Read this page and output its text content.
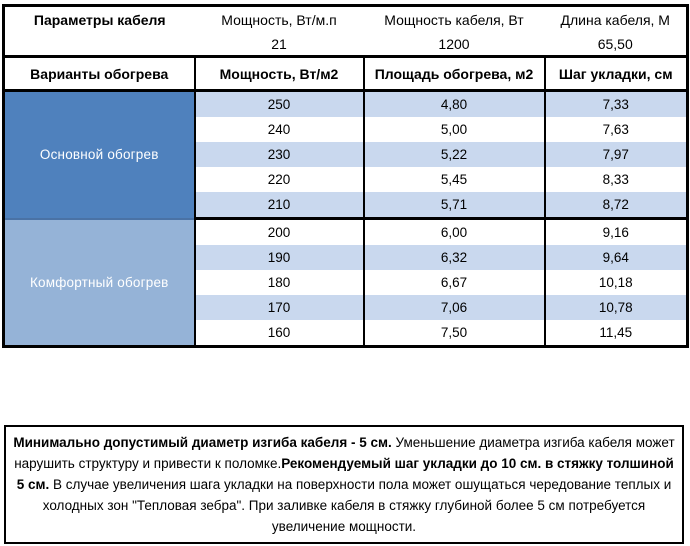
Параметры кабеля	Мощность, Вт/м.п	Мощность кабеля, Вт	Длина кабеля, М
	21	1200	65,50
Варианты обогрева	Мощность, Вт/м2	Площадь обогрева, м2	Шаг укладки, см
Основной обогрев	250	4,80	7,33
	240	5,00	7,63
	230	5,22	7,97
	220	5,45	8,33
	210	5,71	8,72
Комфортный обогрев	200	6,00	9,16
	190	6,32	9,64
	180	6,67	10,18
	170	7,06	10,78
	160	7,50	11,45
Минимально допустимый диаметр изгиба кабеля - 5 см. Уменьшение диаметра изгиба кабеля может нарушить структуру и привести к поломке.Рекомендуемый шаг укладки до 10 см. в стяжку толшиной 5 см. В случае увеличения шага укладки на поверхности пола может ошущаться чередование теплых и холодных зон "Тепловая зебра". При заливке кабеля в стяжку глубиной более 5 см потребуется увеличение мощности.
